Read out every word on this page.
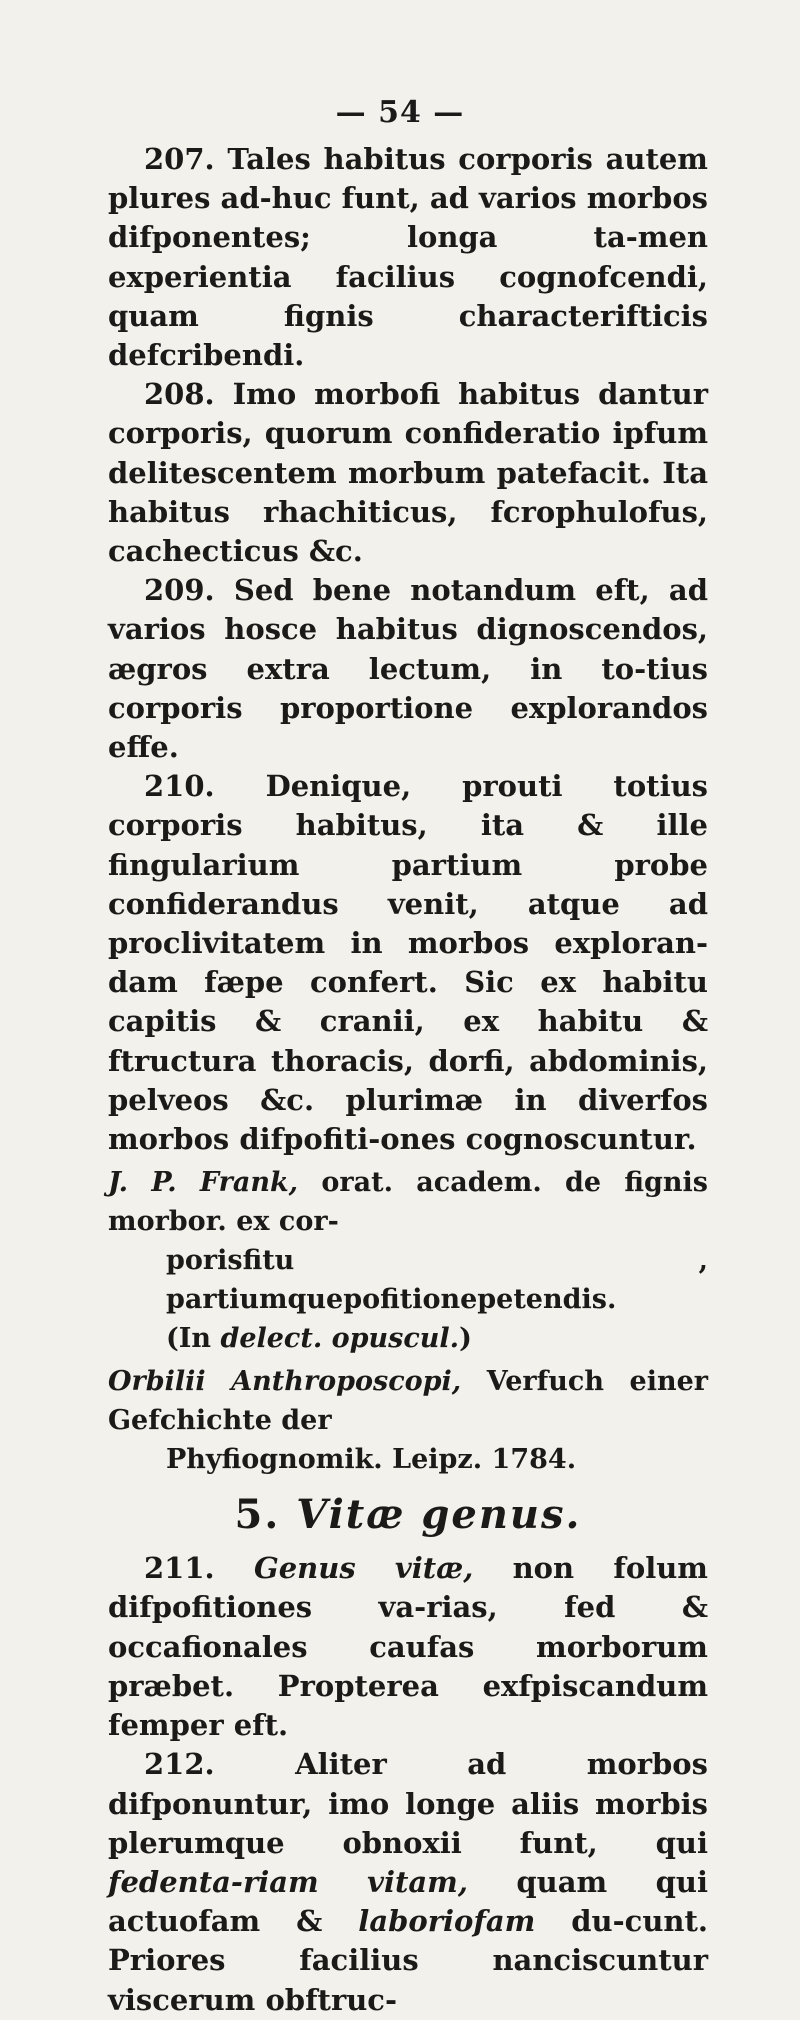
— 54 —

207. Tales habitus corporis autem plures ad-huc funt, ad varios morbos difponentes; longa ta-men experientia facilius cognofcendi, quam fignis characterifticis defcribendi.

208. Imo morbofi habitus dantur corporis, quorum confideratio ipfum delitescentem morbum patefacit. Ita habitus rhachiticus, fcrophulofus, cachecticus &c.

209. Sed bene notandum eft, ad varios hosce habitus dignoscendos, ægros extra lectum, in to-tius corporis proportione explorandos effe.

210. Denique, prouti totius corporis habitus, ita & ille fingularium partium probe confiderandus venit, atque ad proclivitatem in morbos exploran-dam fæpe confert. Sic ex habitu capitis & cranii, ex habitu & ftructura thoracis, dorfi, abdominis, pelveos &c. plurimæ in diverfos morbos difpofiti-ones cognoscuntur.

J. P. Frank, orat. academ. de fignis morbor. ex cor-
porisfitu , partiumquepofitionepetendis.
(In delect. opuscul.)

Orbilii Anthroposcopi, Verfuch einer Gefchichte der
Phyfiognomik. Leipz. 1784.

5. Vitæ genus.

211. Genus vitæ, non folum difpofitiones va-rias, fed & occafionales caufas morborum præbet. Propterea exfpiscandum femper eft.

212.	Aliter ad morbos difponuntur, imo longe aliis morbis plerumque obnoxii funt, qui fedenta-riam vitam, quam qui actuofam & laboriofam du-cunt. Priores facilius nanciscuntur viscerum obftruc-
